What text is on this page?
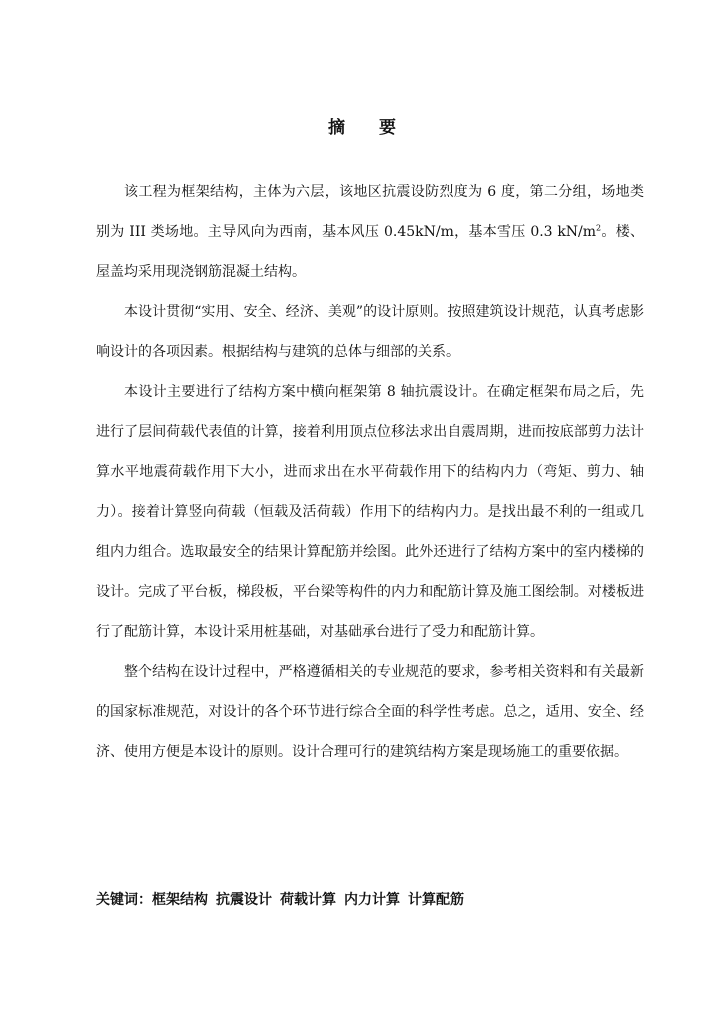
摘 要

该工程为框架结构，主体为六层，该地区抗震设防烈度为 6 度，第二分组，场地类别为 III 类场地。主导风向为西南，基本风压 0.45kN/m，基本雪压 0.3 $kN/m^2$。楼、屋盖均采用现浇钢筋混凝土结构。

本设计贯彻“实用、安全、经济、美观”的设计原则。按照建筑设计规范，认真考虑影响设计的各项因素。根据结构与建筑的总体与细部的关系。

本设计主要进行了结构方案中横向框架第 8 轴抗震设计。在确定框架布局之后，先进行了层间荷载代表值的计算，接着利用顶点位移法求出自震周期，进而按底部剪力法计算水平地震荷载作用下大小，进而求出在水平荷载作用下的结构内力（弯矩、剪力、轴力）。接着计算竖向荷载（恒载及活荷载）作用下的结构内力。是找出最不利的一组或几组内力组合。选取最安全的结果计算配筋并绘图。此外还进行了结构方案中的室内楼梯的设计。完成了平台板，梯段板，平台梁等构件的内力和配筋计算及施工图绘制。对楼板进行了配筋计算，本设计采用桩基础，对基础承台进行了受力和配筋计算。

整个结构在设计过程中，严格遵循相关的专业规范的要求，参考相关资料和有关最新的国家标准规范，对设计的各个环节进行综合全面的科学性考虑。总之，适用、安全、经济、使用方便是本设计的原则。设计合理可行的建筑结构方案是现场施工的重要依据。

关键词：框架结构 抗震设计 荷载计算 内力计算 计算配筋
